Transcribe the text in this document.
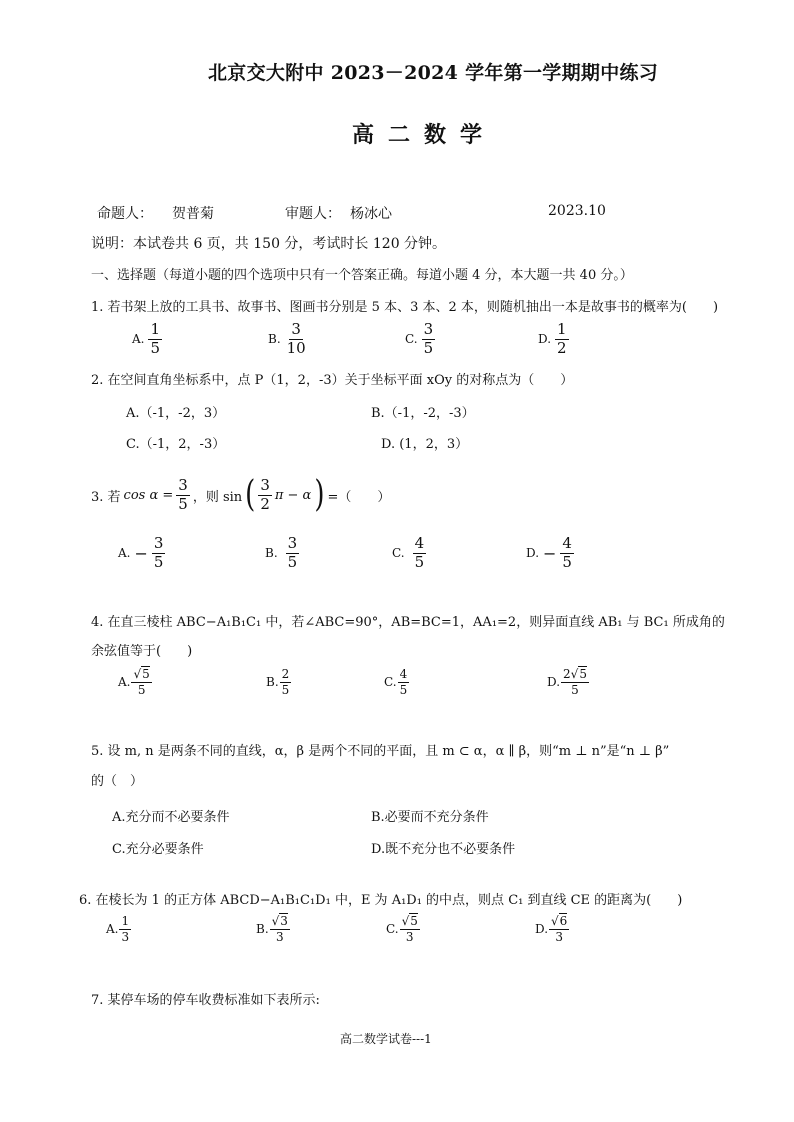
北京交大附中 2023－2024 学年第一学期期中练习
高二数学
命题人： 贺普菊	审题人： 杨冰心	2023.10
说明：本试卷共 6 页，共 150 分，考试时长 120 分钟。
一、选择题（每道小题的四个选项中只有一个答案正确。每道小题 4 分，本大题一共 40 分。）
1. 若书架上放的工具书、故事书、图画书分别是 5 本、3 本、2 本，则随机抽出一本是故事书的概率为(　　)
A. $\frac{1}{5}$	B. $\frac{3}{10}$	C. $\frac{3}{5}$	D. $\frac{1}{2}$
2. 在空间直角坐标系中，点 P（1，2，-3）关于坐标平面 xOy 的对称点为（　　）
A.（-1，-2，3）	B.（-1，-2，-3）
C.（-1，2，-3）	D. (1，2，3）
3. 若 $\cos \alpha = \frac{3}{5}$ ，则 sin ( $\frac{3}{2}$ π − α ) =（　　）
A. − $\frac{3}{5}$	B. $\frac{3}{5}$	C. $\frac{4}{5}$	D. − $\frac{4}{5}$
4. 在直三棱柱 ABC−A₁B₁C₁ 中，若∠ABC=90°，AB=BC=1，AA₁=2，则异面直线 AB₁ 与 BC₁ 所成角的
余弦值等于(　　)
A. $\frac{√5}{5}$	B. $\frac{2}{5}$	C. $\frac{4}{5}$	D. $\frac{2√5}{5}$
5. 设 m, n 是两条不同的直线，α，β 是两个不同的平面，且 m ⊂ α，α ∥ β，则“m ⊥ n”是“n ⊥ β”
的（　）
A.充分而不必要条件	B.必要而不充分条件
C.充分必要条件	D.既不充分也不必要条件
6. 在棱长为 1 的正方体 ABCD−A₁B₁C₁D₁ 中，E 为 A₁D₁ 的中点，则点 C₁ 到直线 CE 的距离为(　　)
A. $\frac{1}{3}$	B. $\frac{√3}{3}$	C. $\frac{√5}{3}$	D. $\frac{√6}{3}$
7. 某停车场的停车收费标准如下表所示:
高二数学试卷---1
